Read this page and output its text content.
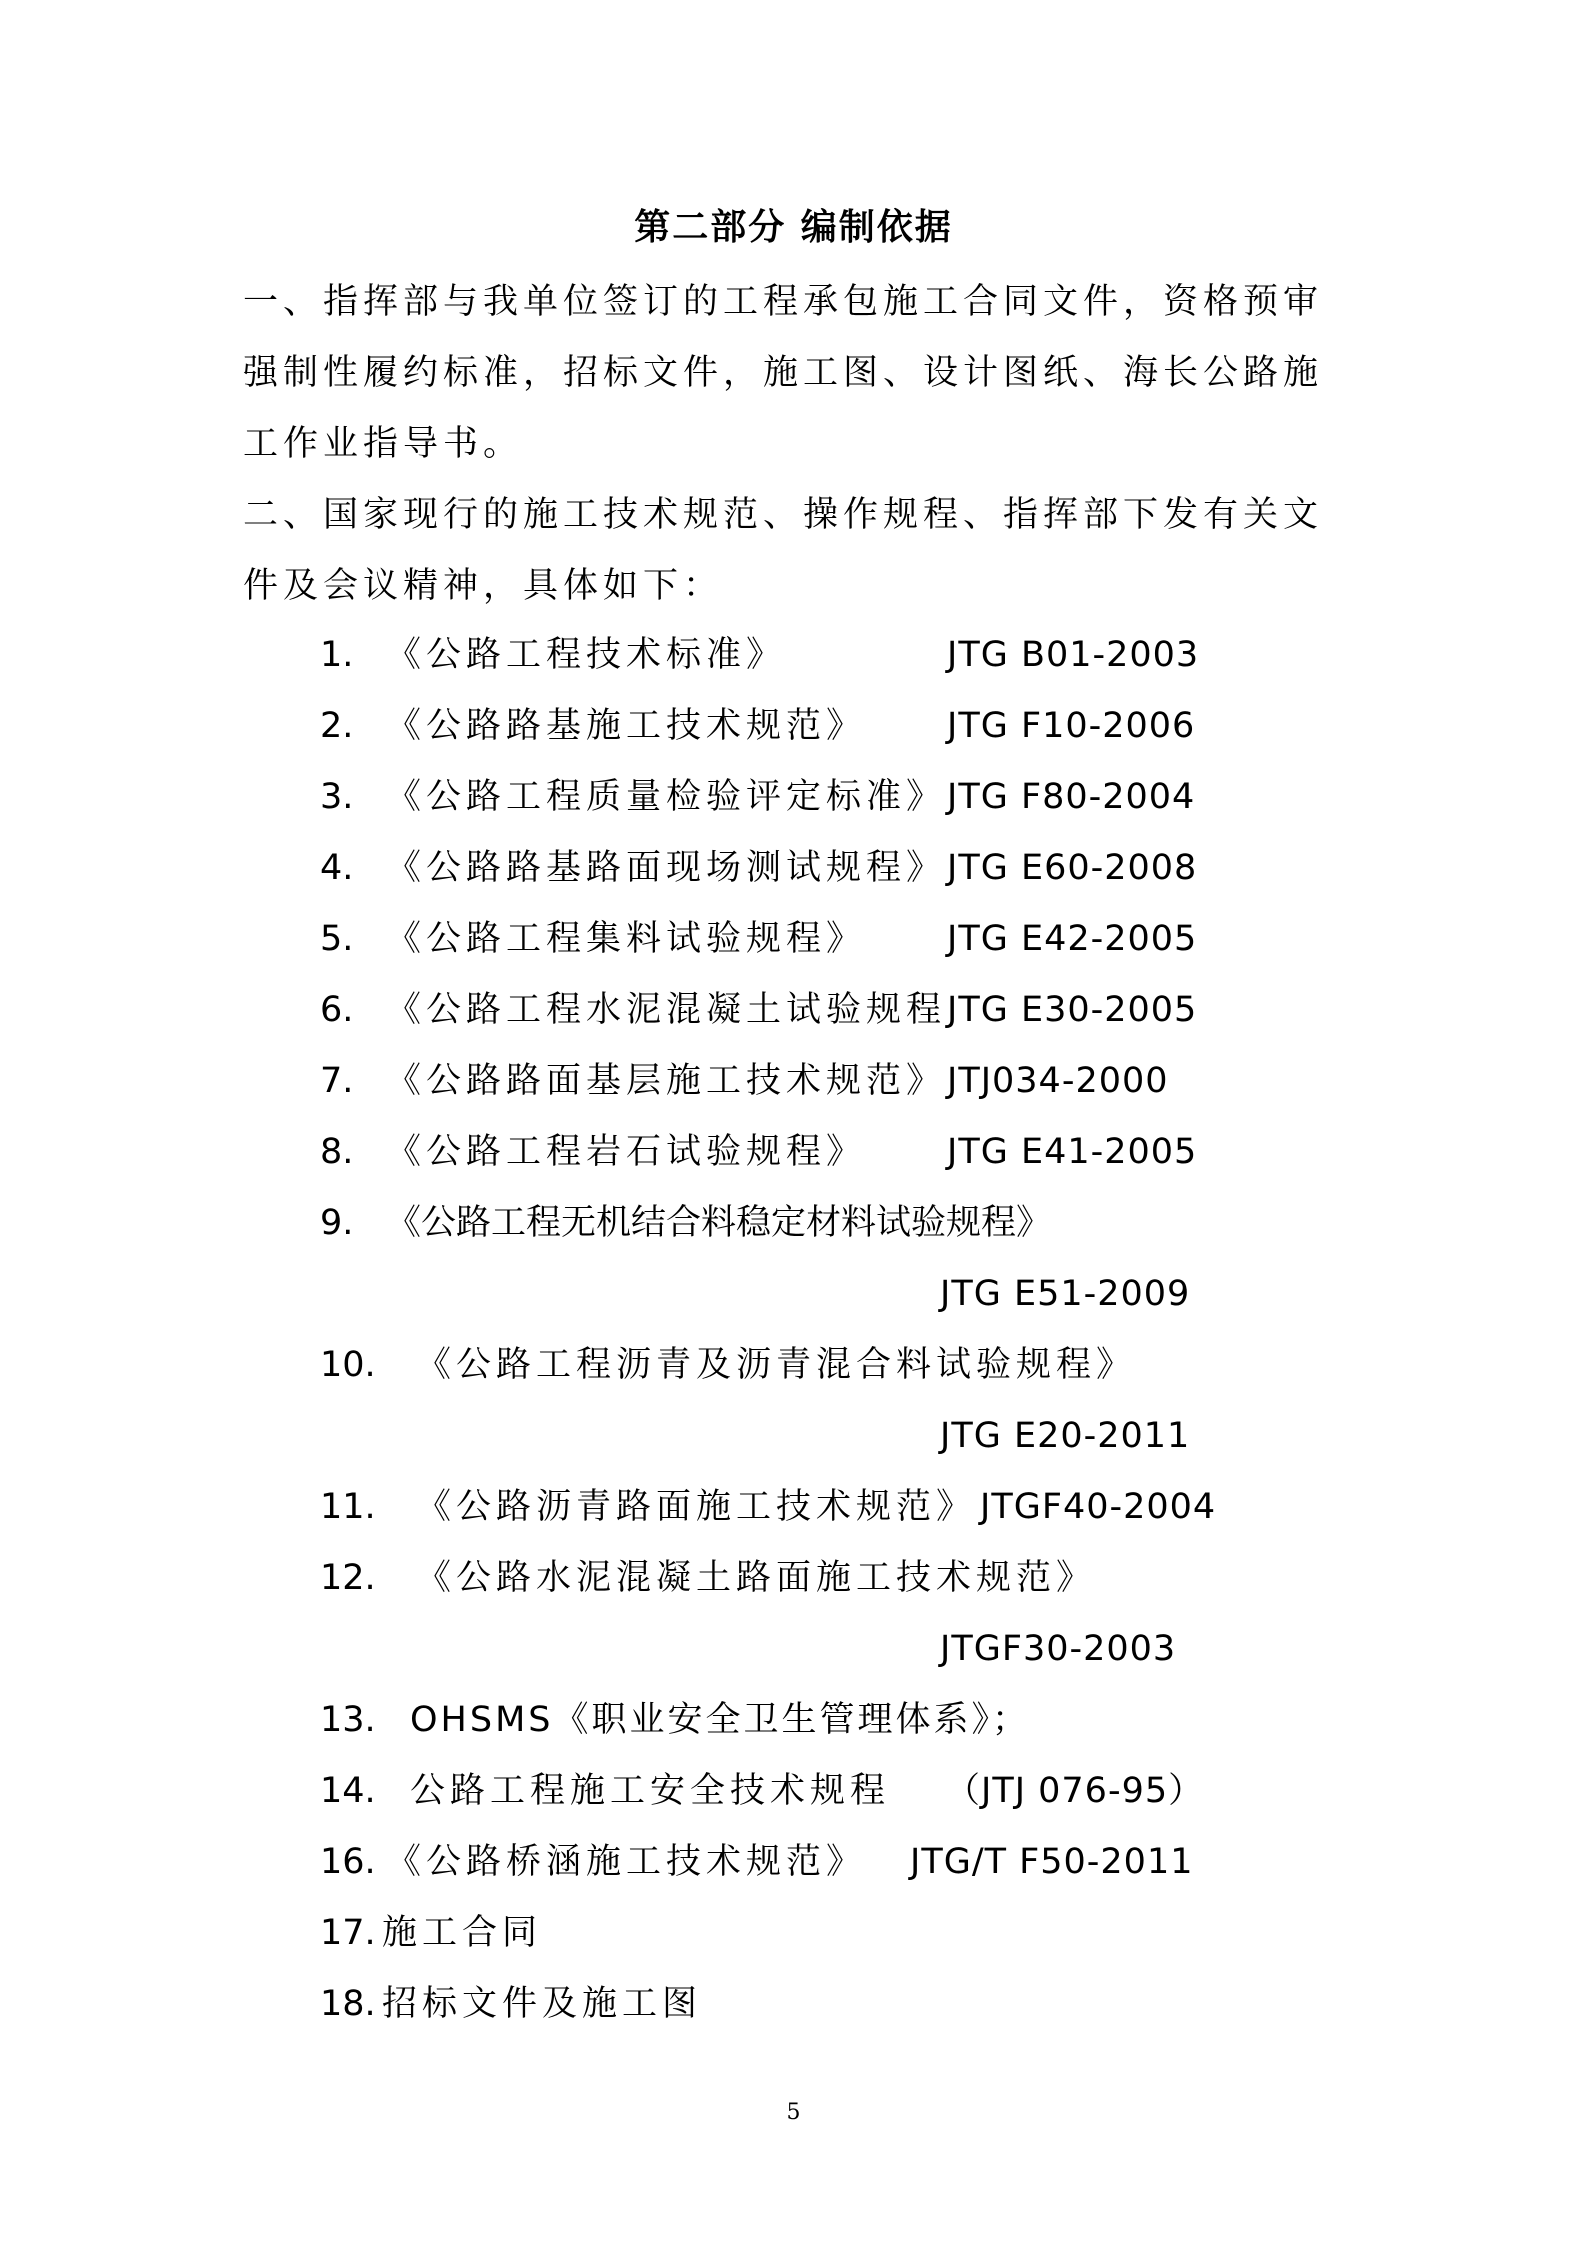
第二部分 编制依据

一、指挥部与我单位签订的工程承包施工合同文件，资格预审强制性履约标准，招标文件，施工图、设计图纸、海长公路施工作业指导书。

二、国家现行的施工技术规范、操作规程、指挥部下发有关文件及会议精神，具体如下：

1. 《公路工程技术标准》	JTG B01-2003
2. 《公路路基施工技术规范》 JTG F10-2006
3. 《公路工程质量检验评定标准》 JTG F80-2004
4. 《公路路基路面现场测试规程》 JTG E60-2008
5. 《公路工程集料试验规程》 JTG E42-2005
6. 《公路工程水泥混凝土试验规程 JTG E30-2005
7. 《公路路面基层施工技术规范》 JTJ034-2000
8. 《公路工程岩石试验规程》 JTG E41-2005
9. 《公路工程无机结合料稳定材料试验规程》
JTG E51-2009
10. 《公路工程沥青及沥青混合料试验规程》
JTG E20-2011
11. 《公路沥青路面施工技术规范》 JTGF40-2004
12. 《公路水泥混凝土路面施工技术规范》
JTGF30-2003
13. OHSMS《职业安全卫生管理体系》；
14. 公路工程施工安全技术规程 （JTJ 076-95）
16. 《公路桥涵施工技术规范》 JTG/T F50-2011
17. 施工合同
18. 招标文件及施工图
5
